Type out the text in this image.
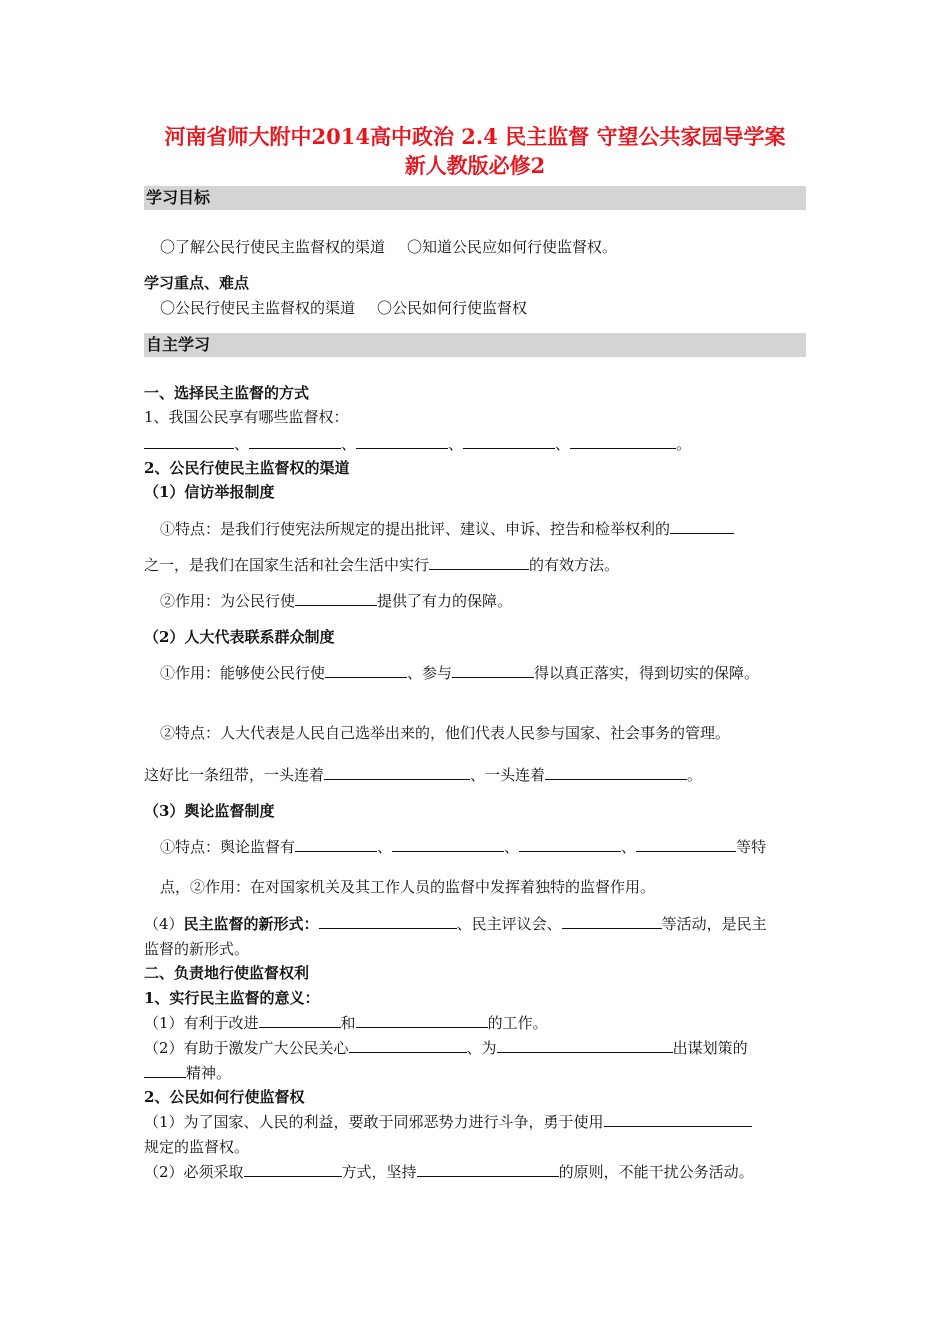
河南省师大附中2014高中政治 2.4 民主监督 守望公共家园导学案
新人教版必修2
学习目标
〇了解公民行使民主监督权的渠道 〇知道公民应如何行使监督权。
学习重点、难点
〇公民行使民主监督权的渠道 〇公民如何行使监督权
自主学习
一、选择民主监督的方式
1、我国公民享有哪些监督权：
、	、	、	、	。
2、公民行使民主监督权的渠道
（1）信访举报制度
①特点：是我们行使宪法所规定的提出批评、建议、申诉、控告和检举权利的
之一，是我们在国家生活和社会生活中实行	的有效方法。
②作用：为公民行使	提供了有力的保障。
（2）人大代表联系群众制度
①作用：能够使公民行使	、参与	得以真正落实，得到切实的保障。
②特点：人大代表是人民自己选举出来的，他们代表人民参与国家、社会事务的管理。
这好比一条纽带，一头连着	、一头连着	。
（3）舆论监督制度
①特点：舆论监督有	、	、	、	等特
点，②作用：在对国家机关及其工作人员的监督中发挥着独特的监督作用。
（4）民主监督的新形式：	、民主评议会、	等活动，是民主
监督的新形式。
二、负责地行使监督权利
1、实行民主监督的意义：
（1）有利于改进	和	的工作。
（2）有助于激发广大公民关心	、为	出谋划策的
精神。
2、公民如何行使监督权
（1）为了国家、人民的利益，要敢于同邪恶势力进行斗争，勇于使用
规定的监督权。
（2）必须采取	方式，坚持	的原则，不能干扰公务活动。
